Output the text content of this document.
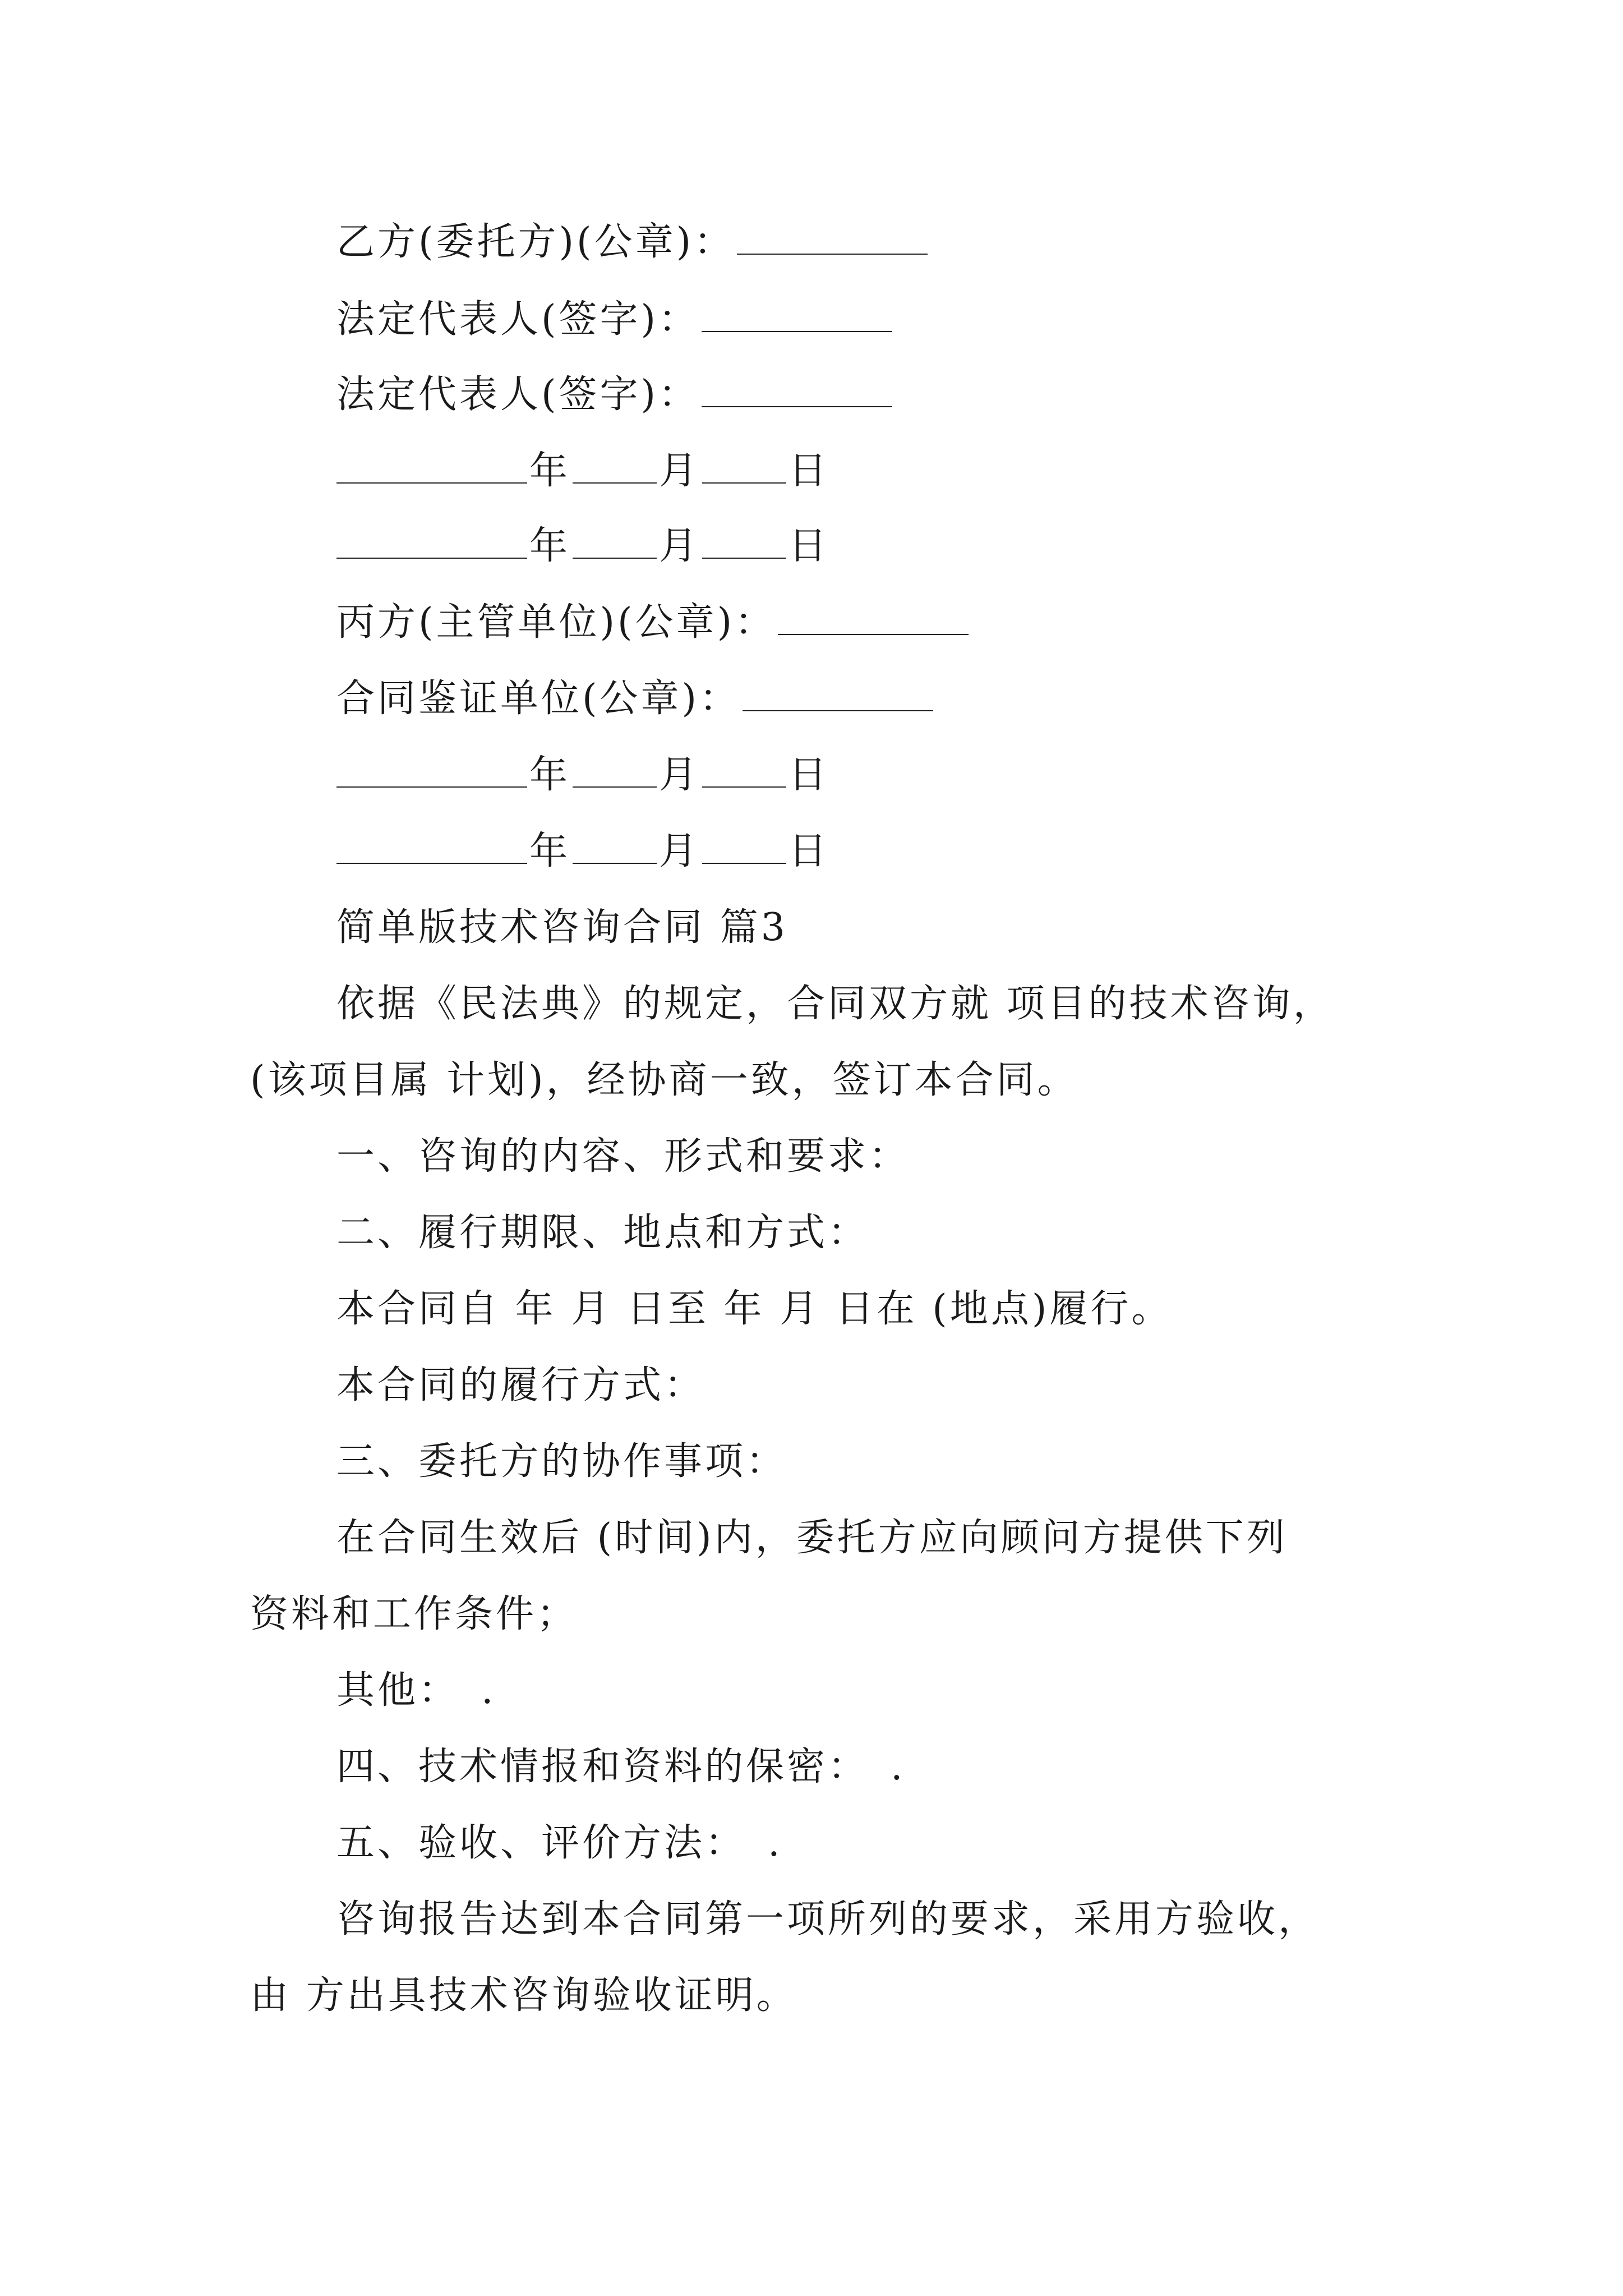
乙方(委托方)(公章)：
法定代表人(签字)：
法定代表人(签字)：
年 月 日
年 月 日
丙方(主管单位)(公章)：
合同鉴证单位(公章)：
年 月 日
年 月 日
简单版技术咨询合同 篇3
依据《民法典》的规定，合同双方就 项目的技术咨询，
(该项目属 计划)，经协商一致，签订本合同。
一、咨询的内容、形式和要求：
二、履行期限、地点和方式：
本合同自 年 月 日至 年 月 日在 (地点)履行。
本合同的履行方式：
三、委托方的协作事项：
在合同生效后 (时间)内，委托方应向顾问方提供下列
资料和工作条件；
其他：　.
四、技术情报和资料的保密：　.
五、验收、评价方法：　.
咨询报告达到本合同第一项所列的要求，采用方验收，
由 方出具技术咨询验收证明。
